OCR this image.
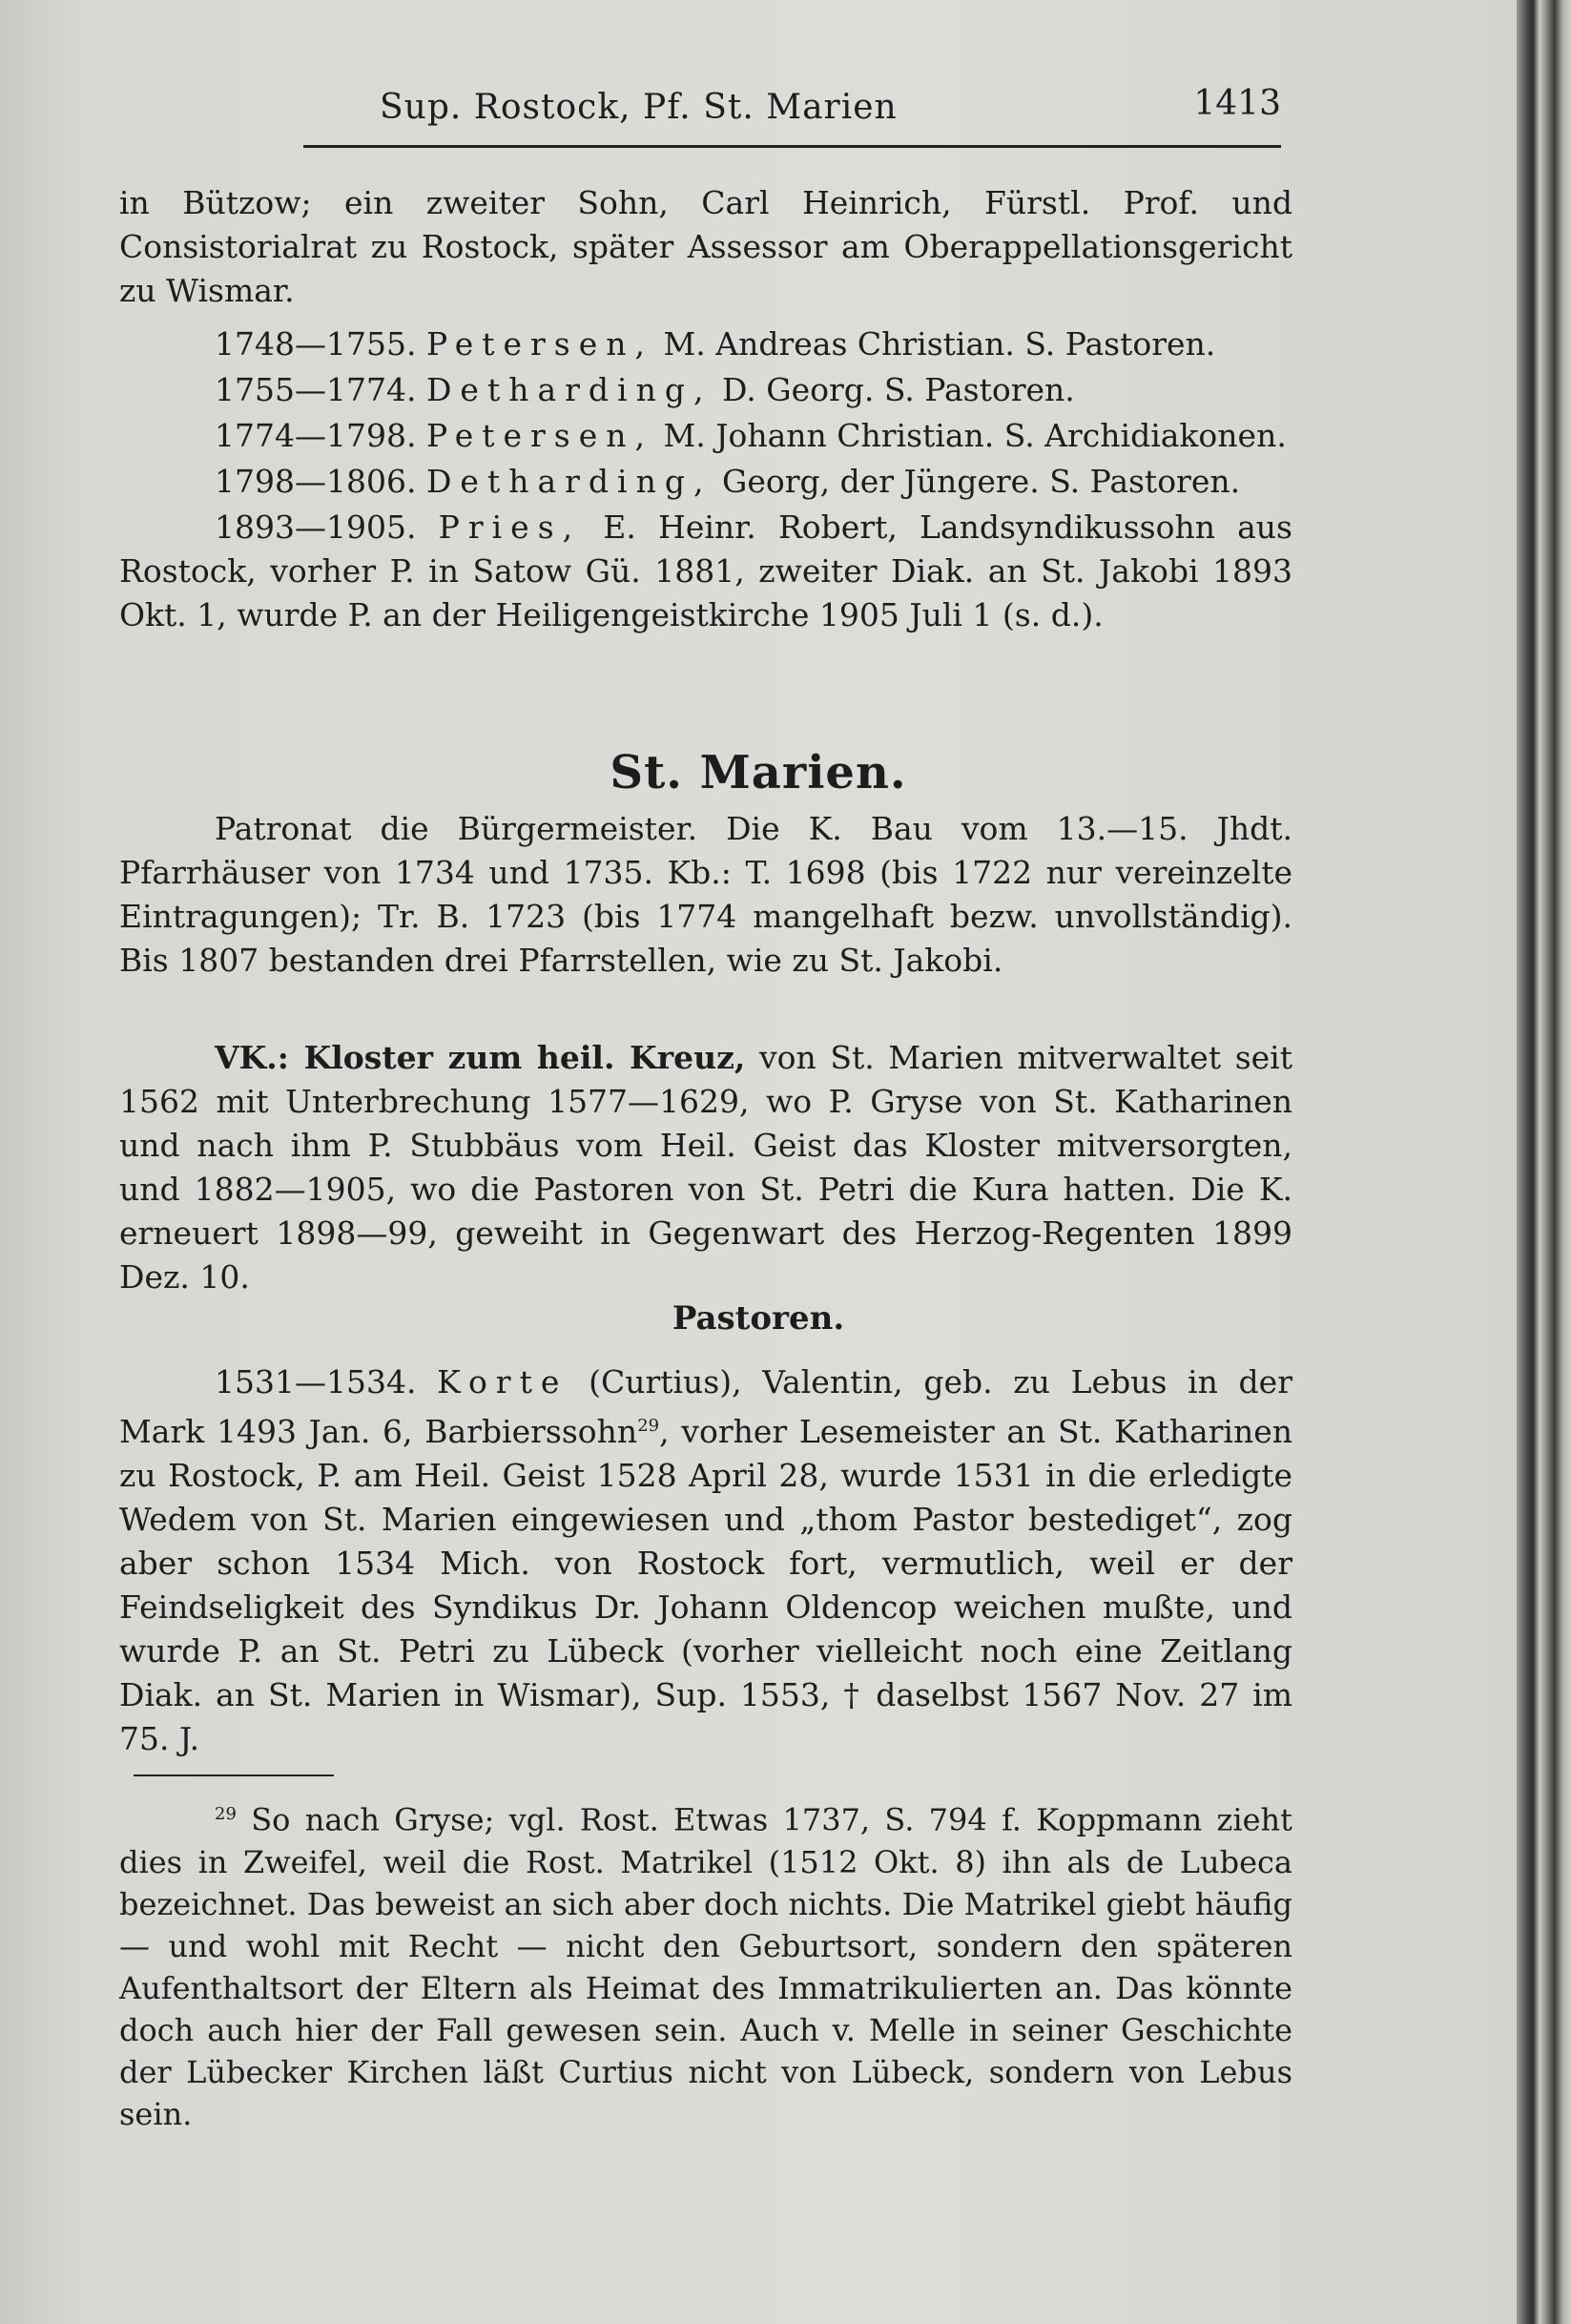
Sup. Rostock, Pf. St. Marien	1413

in Bützow; ein zweiter Sohn, Carl Heinrich, Fürstl. Prof. und Consistorialrat zu Rostock, später Assessor am Oberappellationsgericht zu Wismar.

1748—1755. Petersen, M. Andreas Christian. S. Pastoren.

1755—1774. Detharding, D. Georg. S. Pastoren.

1774—1798. Petersen, M. Johann Christian. S. Archidiakonen.

1798—1806. Detharding, Georg, der Jüngere. S. Pastoren.

1893—1905. Pries, E. Heinr. Robert, Landsyndikussohn aus Rostock, vorher P. in Satow Gü. 1881, zweiter Diak. an St. Jakobi 1893 Okt. 1, wurde P. an der Heiligengeistkirche 1905 Juli 1 (s. d.).

St. Marien.

Patronat die Bürgermeister. Die K. Bau vom 13.—15. Jhdt. Pfarrhäuser von 1734 und 1735. Kb.: T. 1698 (bis 1722 nur vereinzelte Eintragungen); Tr. B. 1723 (bis 1774 mangelhaft bezw. unvollständig). Bis 1807 bestanden drei Pfarrstellen, wie zu St. Jakobi.

VK.: Kloster zum heil. Kreuz, von St. Marien mitverwaltet seit 1562 mit Unterbrechung 1577—1629, wo P. Gryse von St. Katharinen und nach ihm P. Stubbäus vom Heil. Geist das Kloster mitversorgten, und 1882—1905, wo die Pastoren von St. Petri die Kura hatten. Die K. erneuert 1898—99, geweiht in Gegenwart des Herzog-Regenten 1899 Dez. 10.

Pastoren.

1531—1534. Korte (Curtius), Valentin, geb. zu Lebus in der Mark 1493 Jan. 6, Barbierssohn$^{29}$, vorher Lesemeister an St. Katharinen zu Rostock, P. am Heil. Geist 1528 April 28, wurde 1531 in die erledigte Wedem von St. Marien eingewiesen und „thom Pastor bestediget“, zog aber schon 1534 Mich. von Rostock fort, vermutlich, weil er der Feindseligkeit des Syndikus Dr. Johann Oldencop weichen mußte, und wurde P. an St. Petri zu Lübeck (vorher vielleicht noch eine Zeitlang Diak. an St. Marien in Wismar), Sup. 1553, † daselbst 1567 Nov. 27 im 75. J.

$^{29}$ So nach Gryse; vgl. Rost. Etwas 1737, S. 794 f. Koppmann zieht dies in Zweifel, weil die Rost. Matrikel (1512 Okt. 8) ihn als de Lubeca bezeichnet. Das beweist an sich aber doch nichts. Die Matrikel giebt häufig — und wohl mit Recht — nicht den Geburtsort, sondern den späteren Aufenthaltsort der Eltern als Heimat des Immatrikulierten an. Das könnte doch auch hier der Fall gewesen sein. Auch v. Melle in seiner Geschichte der Lübecker Kirchen läßt Curtius nicht von Lübeck, sondern von Lebus sein.
